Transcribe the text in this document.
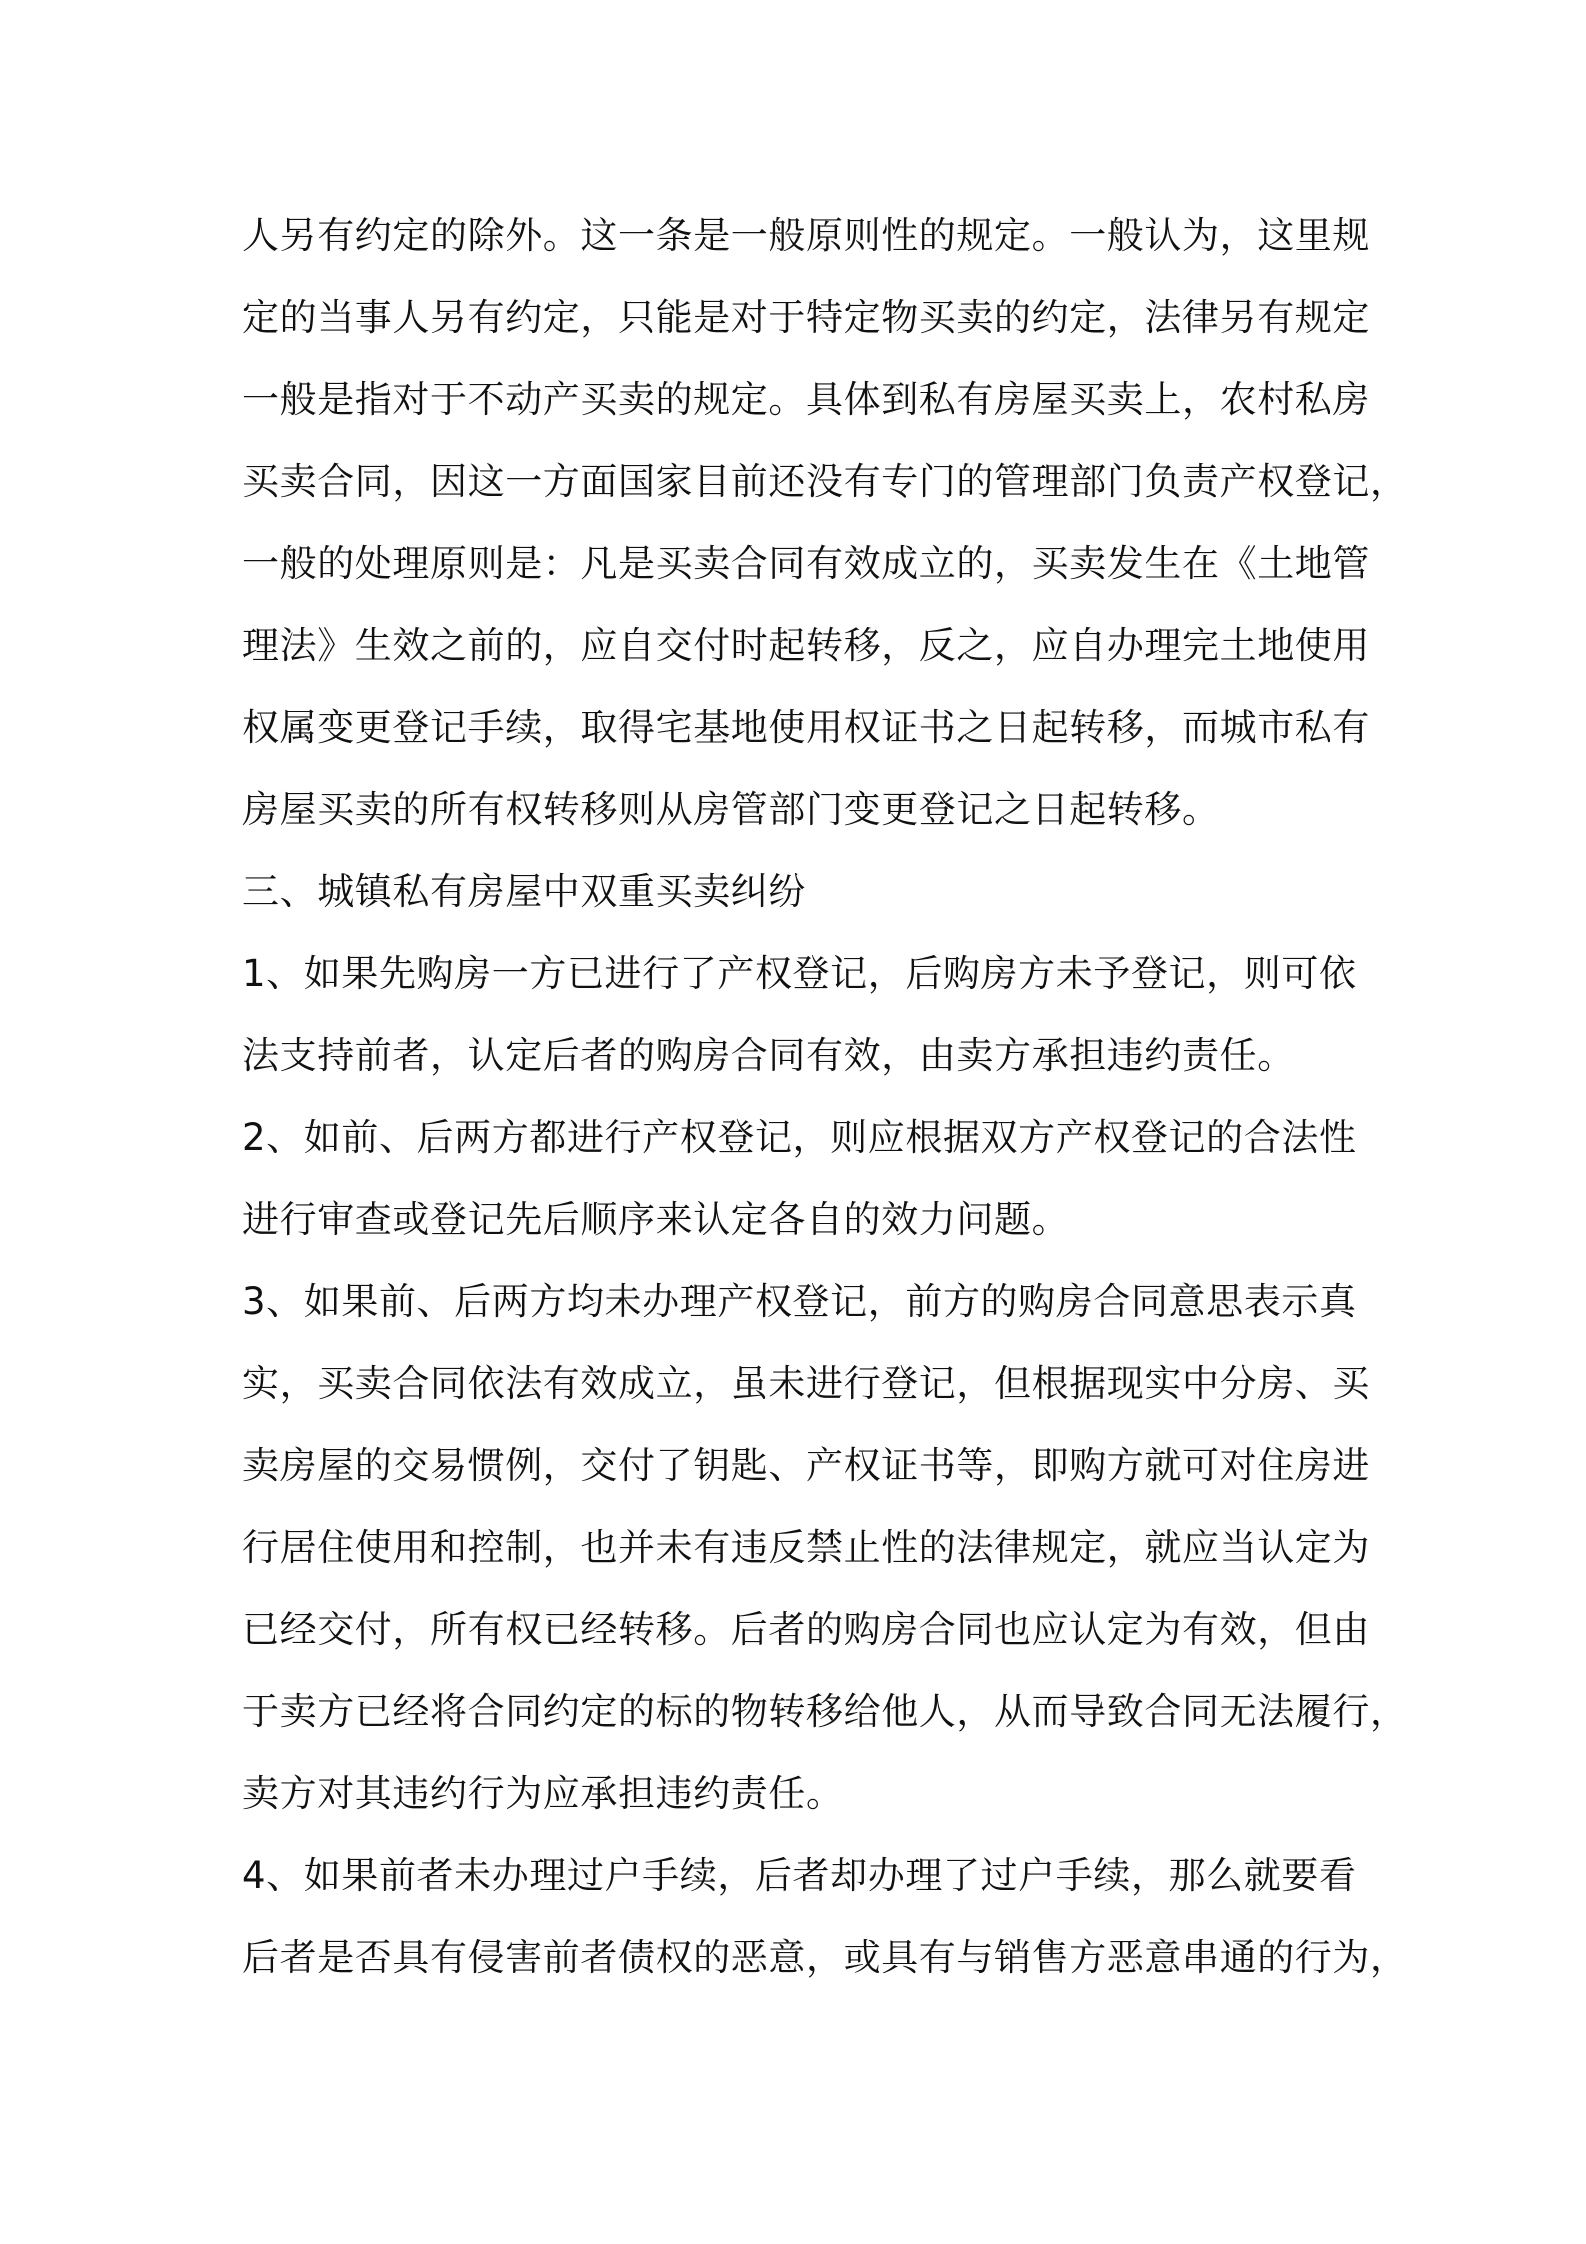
人另有约定的除外。这一条是一般原则性的规定。一般认为，这里规
定的当事人另有约定，只能是对于特定物买卖的约定，法律另有规定
一般是指对于不动产买卖的规定。具体到私有房屋买卖上，农村私房
买卖合同，因这一方面国家目前还没有专门的管理部门负责产权登记，
一般的处理原则是：凡是买卖合同有效成立的，买卖发生在《土地管
理法》生效之前的，应自交付时起转移，反之，应自办理完土地使用
权属变更登记手续，取得宅基地使用权证书之日起转移，而城市私有
房屋买卖的所有权转移则从房管部门变更登记之日起转移。
三、城镇私有房屋中双重买卖纠纷
1、如果先购房一方已进行了产权登记，后购房方未予登记，则可依
法支持前者，认定后者的购房合同有效，由卖方承担违约责任。
2、如前、后两方都进行产权登记，则应根据双方产权登记的合法性
进行审查或登记先后顺序来认定各自的效力问题。
3、如果前、后两方均未办理产权登记，前方的购房合同意思表示真
实，买卖合同依法有效成立，虽未进行登记，但根据现实中分房、买
卖房屋的交易惯例，交付了钥匙、产权证书等，即购方就可对住房进
行居住使用和控制，也并未有违反禁止性的法律规定，就应当认定为
已经交付，所有权已经转移。后者的购房合同也应认定为有效，但由
于卖方已经将合同约定的标的物转移给他人，从而导致合同无法履行，
卖方对其违约行为应承担违约责任。
4、如果前者未办理过户手续，后者却办理了过户手续，那么就要看
后者是否具有侵害前者债权的恶意，或具有与销售方恶意串通的行为，
